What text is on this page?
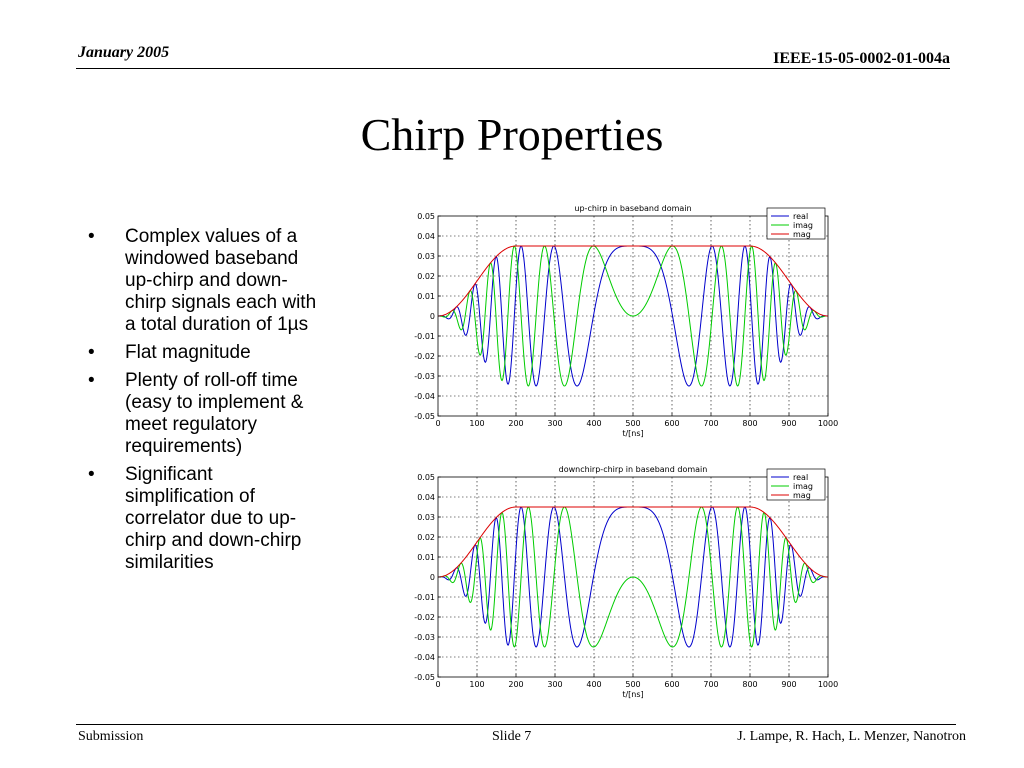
January 2005	IEEE-15-05-0002-01-004a
Chirp Properties
• Complex values of a windowed baseband up-chirp and down-chirp signals each with a total duration of 1µs
• Flat magnitude
• Plenty of roll-off time (easy to implement & meet regulatory requirements)
• Significant simplification of correlator due to up-chirp and down-chirp similarities
0	100	200	300	400	500	600	700	800	900	1000
0.05
0.04
0.03
0.02
0.01
0
-0.01
-0.02
-0.03
-0.04
-0.05
up-chirp in baseband domain
t/[ns]
real
imag
mag
0	100	200	300	400	500	600	700	800	900	1000
0.05
0.04
0.03
0.02
0.01
0
-0.01
-0.02
-0.03
-0.04
-0.05
downchirp-chirp in baseband domain
t/[ns]
real
imag
mag
Submission	Slide 7	J. Lampe, R. Hach, L. Menzer, Nanotron
